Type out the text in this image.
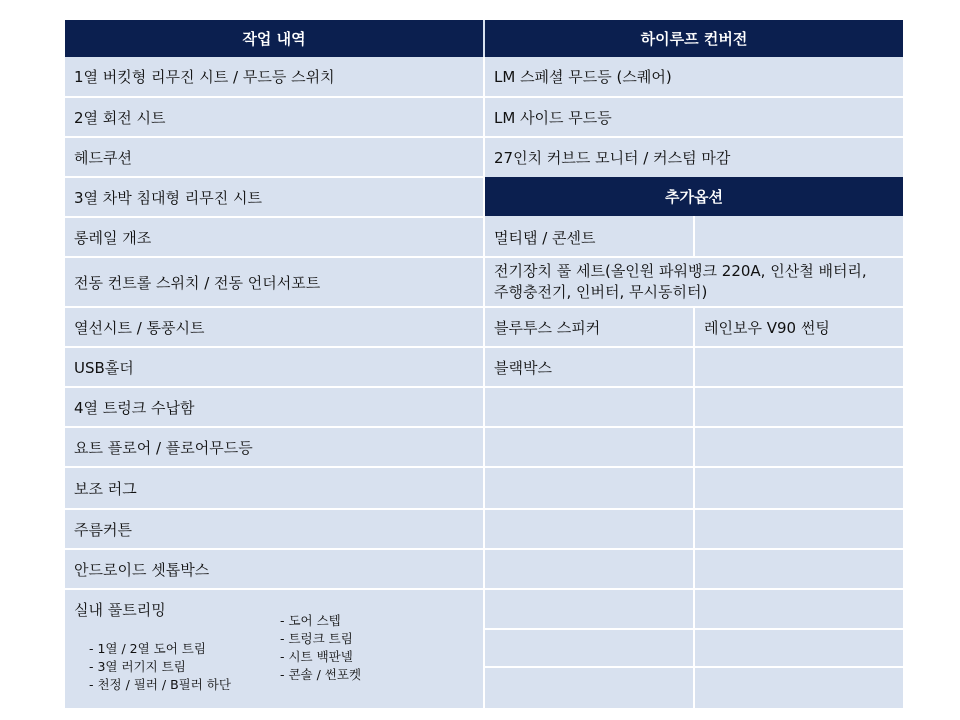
작업 내역	하이루프 컨버전
추가옵션
1열 버킷형 리무진 시트 / 무드등 스위치
2열 회전 시트
헤드쿠션
3열 차박 침대형 리무진 시트
롱레일 개조
전동 컨트롤 스위치 / 전동 언더서포트
열선시트 / 통풍시트
USB홀더
4열 트렁크 수납함
요트 플로어 / 플로어무드등
보조 러그
주름커튼
안드로이드 셋톱박스
실내 풀트리밍
- 1열 / 2열 도어 트림
- 3열 러기지 트림
- 천정 / 필러 / B필러 하단
- 도어 스텝
- 트렁크 트림
- 시트 백판넬
- 콘솔 / 썬포켓
LM 스페셜 무드등 (스퀘어)
LM 사이드 무드등
27인치 커브드 모니터 / 커스텀 마감
멀티탭 / 콘센트
전기장치 풀 세트(올인원 파워뱅크 220A, 인산철 배터리,
주행충전기, 인버터, 무시동히터)
블루투스 스피커	레인보우 V90 썬팅
블랙박스
